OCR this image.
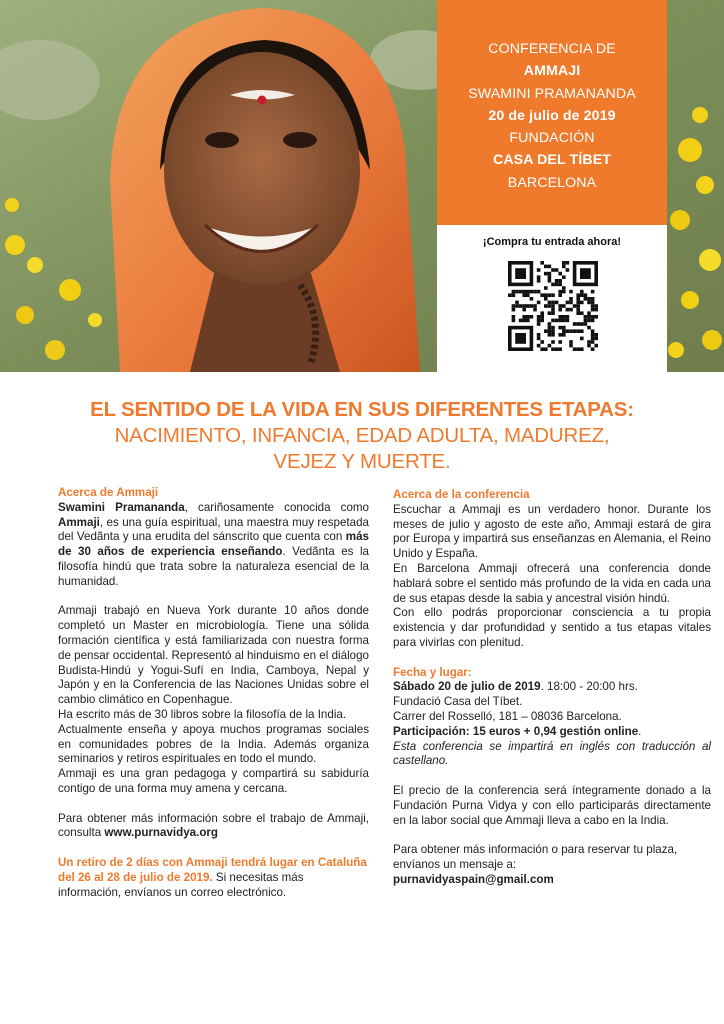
CONFERENCIA DE
AMMAJI
SWAMINI PRAMANANDA
20 de julio de 2019
FUNDACIÓN
CASA DEL TÍBET
BARCELONA
¡Compra tu entrada ahora!
EL SENTIDO DE LA VIDA EN SUS DIFERENTES ETAPAS:
NACIMIENTO, INFANCIA, EDAD ADULTA, MADUREZ,
VEJEZ Y MUERTE.

Acerca de Ammaji

Swamini Pramananda, cariñosamente conocida como Ammaji, es una guía espiritual, una maestra muy respetada del Vedãnta y una erudita del sánscrito que cuenta con más de 30 años de experiencia enseñando. Vedãnta es la filosofía hindú que trata sobre la naturaleza esencial de la humanidad.

Ammaji trabajó en Nueva York durante 10 años donde completó un Master en microbiología. Tiene una sólida formación científica y está familiarizada con nuestra forma de pensar occidental. Representó al hinduismo en el diálogo Budista-Hindú y Yogui-Sufí en India, Camboya, Nepal y Japón y en la Conferencia de las Naciones Unidas sobre el cambio climático en Copenhague.

Ha escrito más de 30 libros sobre la filosofía de la India.

Actualmente enseña y apoya muchos programas sociales en comunidades pobres de la India. Además organiza seminarios y retiros espirituales en todo el mundo.

Ammaji es una gran pedagoga y compartirá su sabiduría contigo de una forma muy amena y cercana.

Para obtener más información sobre el trabajo de Ammaji, consulta www.purnavidya.org

Un retiro de 2 días con Ammaji tendrá lugar en Cataluña del 26 al 28 de julio de 2019. Si necesitas más información, envíanos un correo electrónico.

Acerca de la conferencia

Escuchar a Ammaji es un verdadero honor. Durante los meses de julio y agosto de este año, Ammaji estará de gira por Europa y impartirá sus enseñanzas en Alemania, el Reino Unido y España.

En Barcelona Ammaji ofrecerá una conferencia donde hablará sobre el sentido más profundo de la vida en cada una de sus etapas desde la sabia y ancestral visión hindú.

Con ello podrás proporcionar consciencia a tu propia existencia y dar profundidad y sentido a tus etapas vitales para vivirlas con plenitud.

Fecha y lugar:

Sábado 20 de julio de 2019. 18:00 - 20:00 hrs.

Fundació Casa del Tíbet.

Carrer del Rosselló, 181 – 08036 Barcelona.

Participación: 15 euros + 0,94 gestión online.

Esta conferencia se impartirá en inglés con traducción al castellano.

El precio de la conferencia será íntegramente donado a la Fundación Purna Vidya y con ello participarás directamente en la labor social que Ammaji lleva a cabo en la India.

Para obtener más información o para reservar tu plaza, envíanos un mensaje a:

purnavidyaspain@gmail.com
